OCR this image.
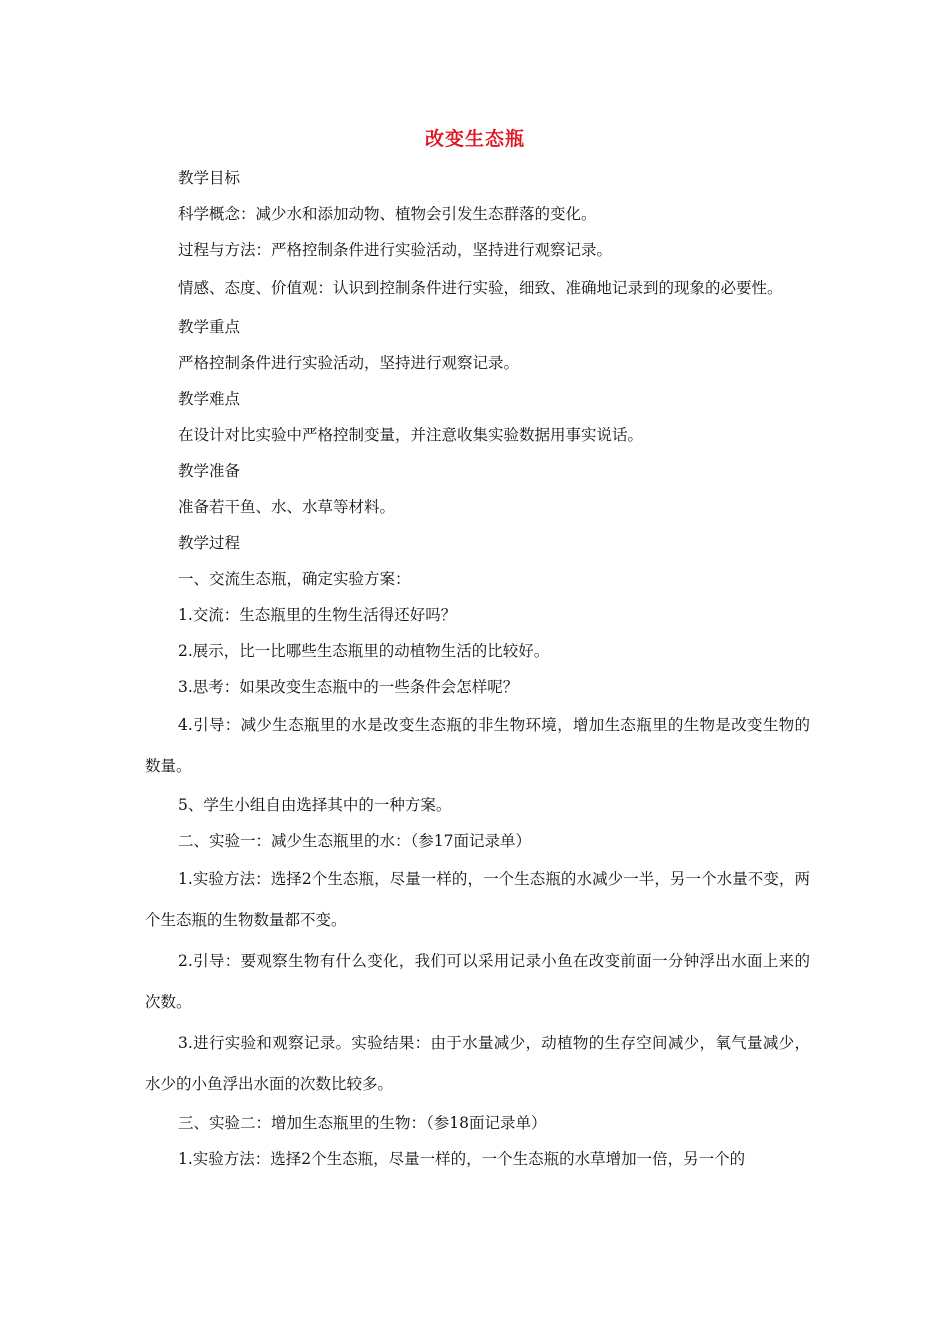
改变生态瓶

教学目标

科学概念：减少水和添加动物、植物会引发生态群落的变化。

过程与方法：严格控制条件进行实验活动，坚持进行观察记录。

情感、态度、价值观：认识到控制条件进行实验，细致、准确地记录到的现象的必要性。

教学重点

严格控制条件进行实验活动，坚持进行观察记录。

教学难点

在设计对比实验中严格控制变量，并注意收集实验数据用事实说话。

教学准备

准备若干鱼、水、水草等材料。

教学过程

一、交流生态瓶，确定实验方案：

1.交流：生态瓶里的生物生活得还好吗？

2.展示，比一比哪些生态瓶里的动植物生活的比较好。

3.思考：如果改变生态瓶中的一些条件会怎样呢？

4.引导：减少生态瓶里的水是改变生态瓶的非生物环境，增加生态瓶里的生物是改变生物的数量。

5、学生小组自由选择其中的一种方案。

二、实验一：减少生态瓶里的水：（参17面记录单）

1.实验方法：选择2个生态瓶，尽量一样的，一个生态瓶的水减少一半，另一个水量不变，两个生态瓶的生物数量都不变。

2.引导：要观察生物有什么变化，我们可以采用记录小鱼在改变前面一分钟浮出水面上来的次数。

3.进行实验和观察记录。实验结果：由于水量减少，动植物的生存空间减少，氧气量减少，水少的小鱼浮出水面的次数比较多。

三、实验二：增加生态瓶里的生物：（参18面记录单）

1.实验方法：选择2个生态瓶，尽量一样的，一个生态瓶的水草增加一倍，另一个的
